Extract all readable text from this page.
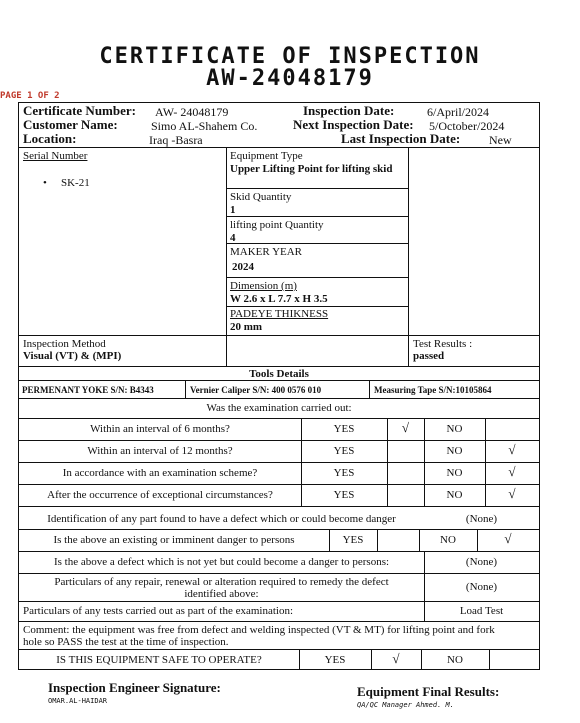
CERTIFICATE OF INSPECTION
AW-24048179
PAGE 1 OF 2
Certificate Number: AW- 24048179	Inspection Date:	6/April/2024
Customer Name:	Simo AL-Shahem Co.	Next Inspection Date: 5/October/2024
Location:	Iraq -Basra	Last Inspection Date: New
Serial Number
• SK-21
Equipment Type
Upper Lifting Point for lifting skid
Skid Quantity
1
lifting point Quantity
4
MAKER YEAR
2024
Dimension (m)
W 2.6 x L 7.7 x H 3.5
PADEYE THIKNESS
20 mm
Inspection Method
Visual (VT) & (MPI)
Test Results :
passed
Tools Details
PERMENANT YOKE S/N: B4343	Vernier Caliper S/N: 400 0576 010	Measuring Tape S/N:10105864
Was the examination carried out:
Within an interval of 6 months?	YES	√	NO
Within an interval of 12 months?	YES	NO	√
In accordance with an examination scheme?	YES	NO	√
After the occurrence of exceptional circumstances?	YES	NO	√
Identification of any part found to have a defect which or could become danger	(None)
Is the above an existing or imminent danger to persons	YES	NO	√
Is the above a defect which is not yet but could become a danger to persons:	(None)
Particulars of any repair, renewal or alteration required to remedy the defect
identified above:
(None)
Particulars of any tests carried out as part of the examination:	Load Test
Comment: the equipment was free from defect and welding inspected (VT & MT) for lifting point and fork
hole so PASS the test at the time of inspection.
IS THIS EQUIPMENT SAFE TO OPERATE?	YES	√	NO
Inspection Engineer Signature:
OMAR.AL-HAIDAR
Equipment Final Results:
QA/QC Manager Ahmed. M.
